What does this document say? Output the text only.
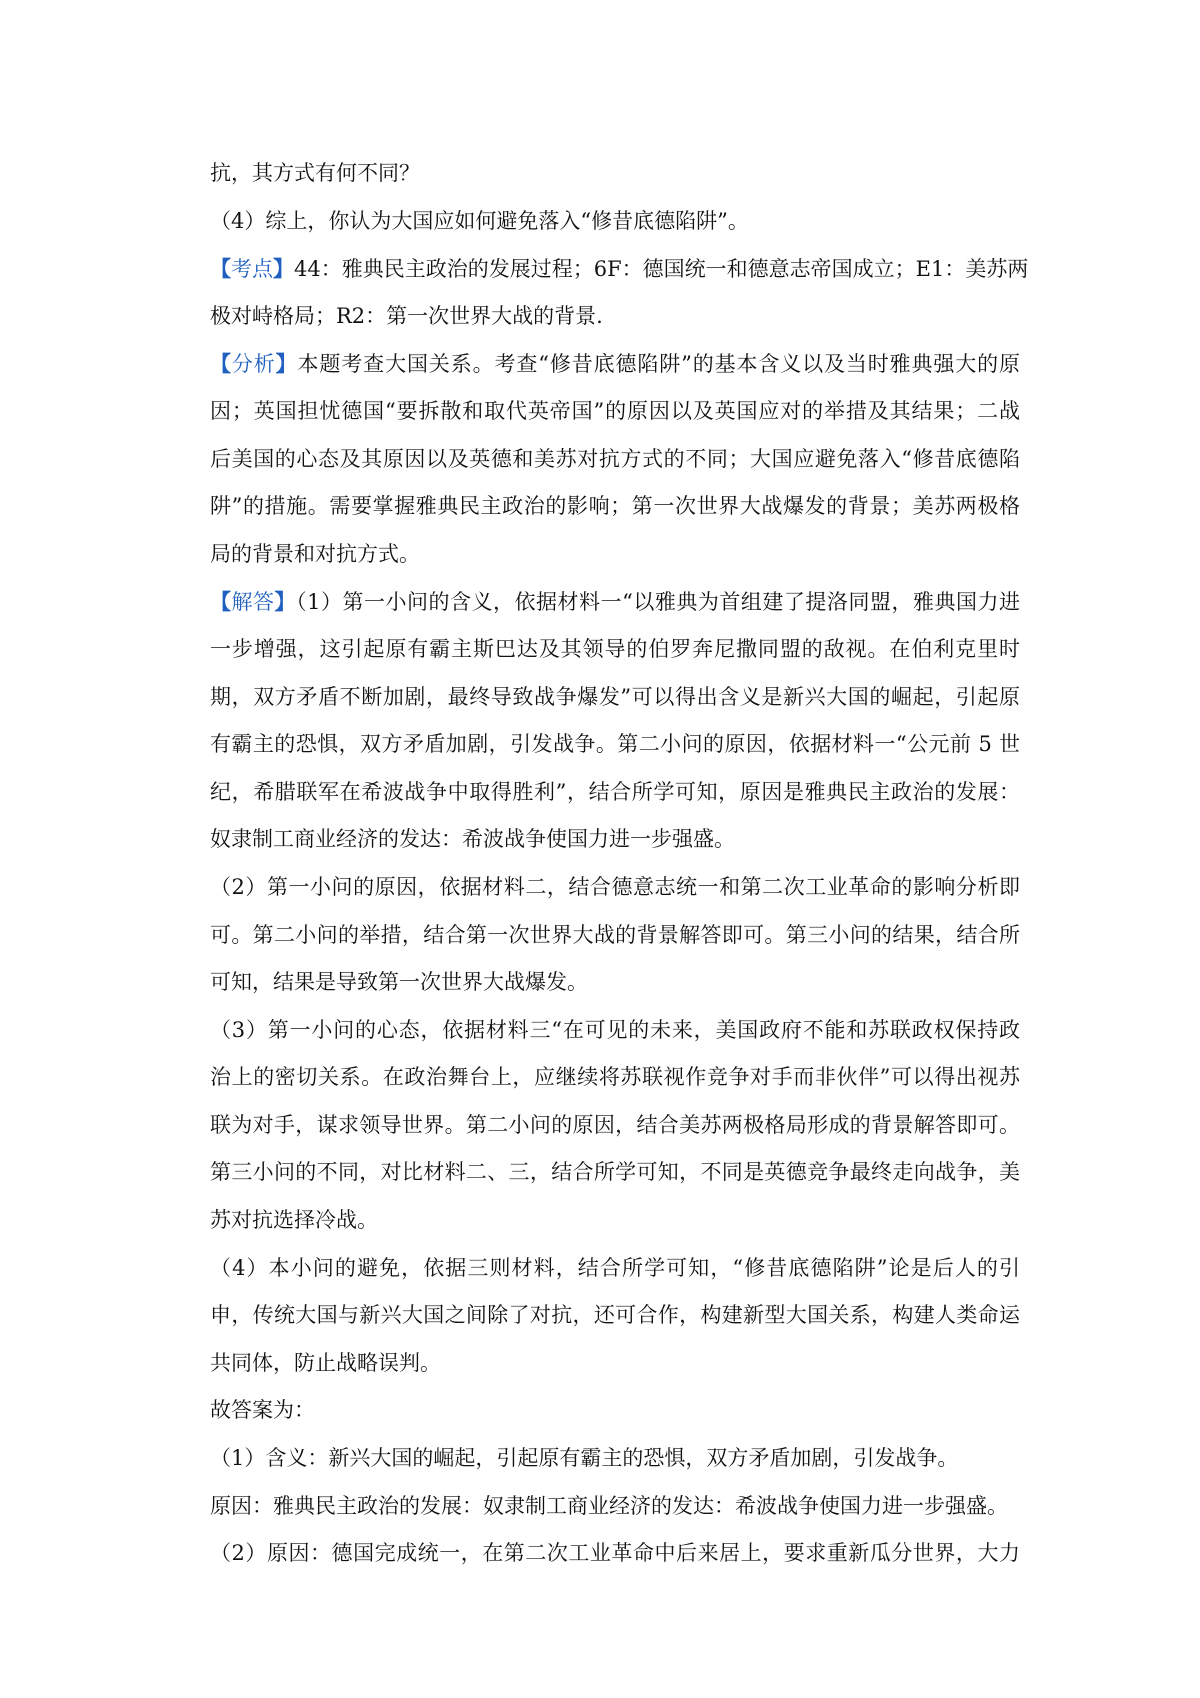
抗，其方式有何不同？
（4）综上，你认为大国应如何避免落入“修昔底德陷阱”。
【考点】44：雅典民主政治的发展过程；6F：德国统一和德意志帝国成立；E1：美苏两
极对峙格局；R2：第一次世界大战的背景.
【分析】本题考查大国关系。考查“修昔底德陷阱”的基本含义以及当时雅典强大的原
因；英国担忧德国“要拆散和取代英帝国”的原因以及英国应对的举措及其结果；二战
后美国的心态及其原因以及英德和美苏对抗方式的不同；大国应避免落入“修昔底德陷
阱”的措施。需要掌握雅典民主政治的影响；第一次世界大战爆发的背景；美苏两极格
局的背景和对抗方式。
【解答】（1）第一小问的含义，依据材料一“以雅典为首组建了提洛同盟，雅典国力进
一步增强，这引起原有霸主斯巴达及其领导的伯罗奔尼撒同盟的敌视。在伯利克里时
期，双方矛盾不断加剧，最终导致战争爆发”可以得出含义是新兴大国的崛起，引起原
有霸主的恐惧，双方矛盾加剧，引发战争。第二小问的原因，依据材料一“公元前 5 世
纪，希腊联军在希波战争中取得胜利”，结合所学可知，原因是雅典民主政治的发展：
奴隶制工商业经济的发达：希波战争使国力进一步强盛。
（2）第一小问的原因，依据材料二，结合德意志统一和第二次工业革命的影响分析即
可。第二小问的举措，结合第一次世界大战的背景解答即可。第三小问的结果，结合所
可知，结果是导致第一次世界大战爆发。
（3）第一小问的心态，依据材料三“在可见的未来，美国政府不能和苏联政权保持政
治上的密切关系。在政治舞台上，应继续将苏联视作竞争对手而非伙伴”可以得出视苏
联为对手，谋求领导世界。第二小问的原因，结合美苏两极格局形成的背景解答即可。
第三小问的不同，对比材料二、三，结合所学可知，不同是英德竞争最终走向战争，美
苏对抗选择冷战。
（4）本小问的避免，依据三则材料，结合所学可知，“修昔底德陷阱”论是后人的引
申，传统大国与新兴大国之间除了对抗，还可合作，构建新型大国关系，构建人类命运
共同体，防止战略误判。
故答案为：
（1）含义：新兴大国的崛起，引起原有霸主的恐惧，双方矛盾加剧，引发战争。
原因：雅典民主政治的发展：奴隶制工商业经济的发达：希波战争使国力进一步强盛。
（2）原因：德国完成统一，在第二次工业革命中后来居上，要求重新瓜分世界，大力
